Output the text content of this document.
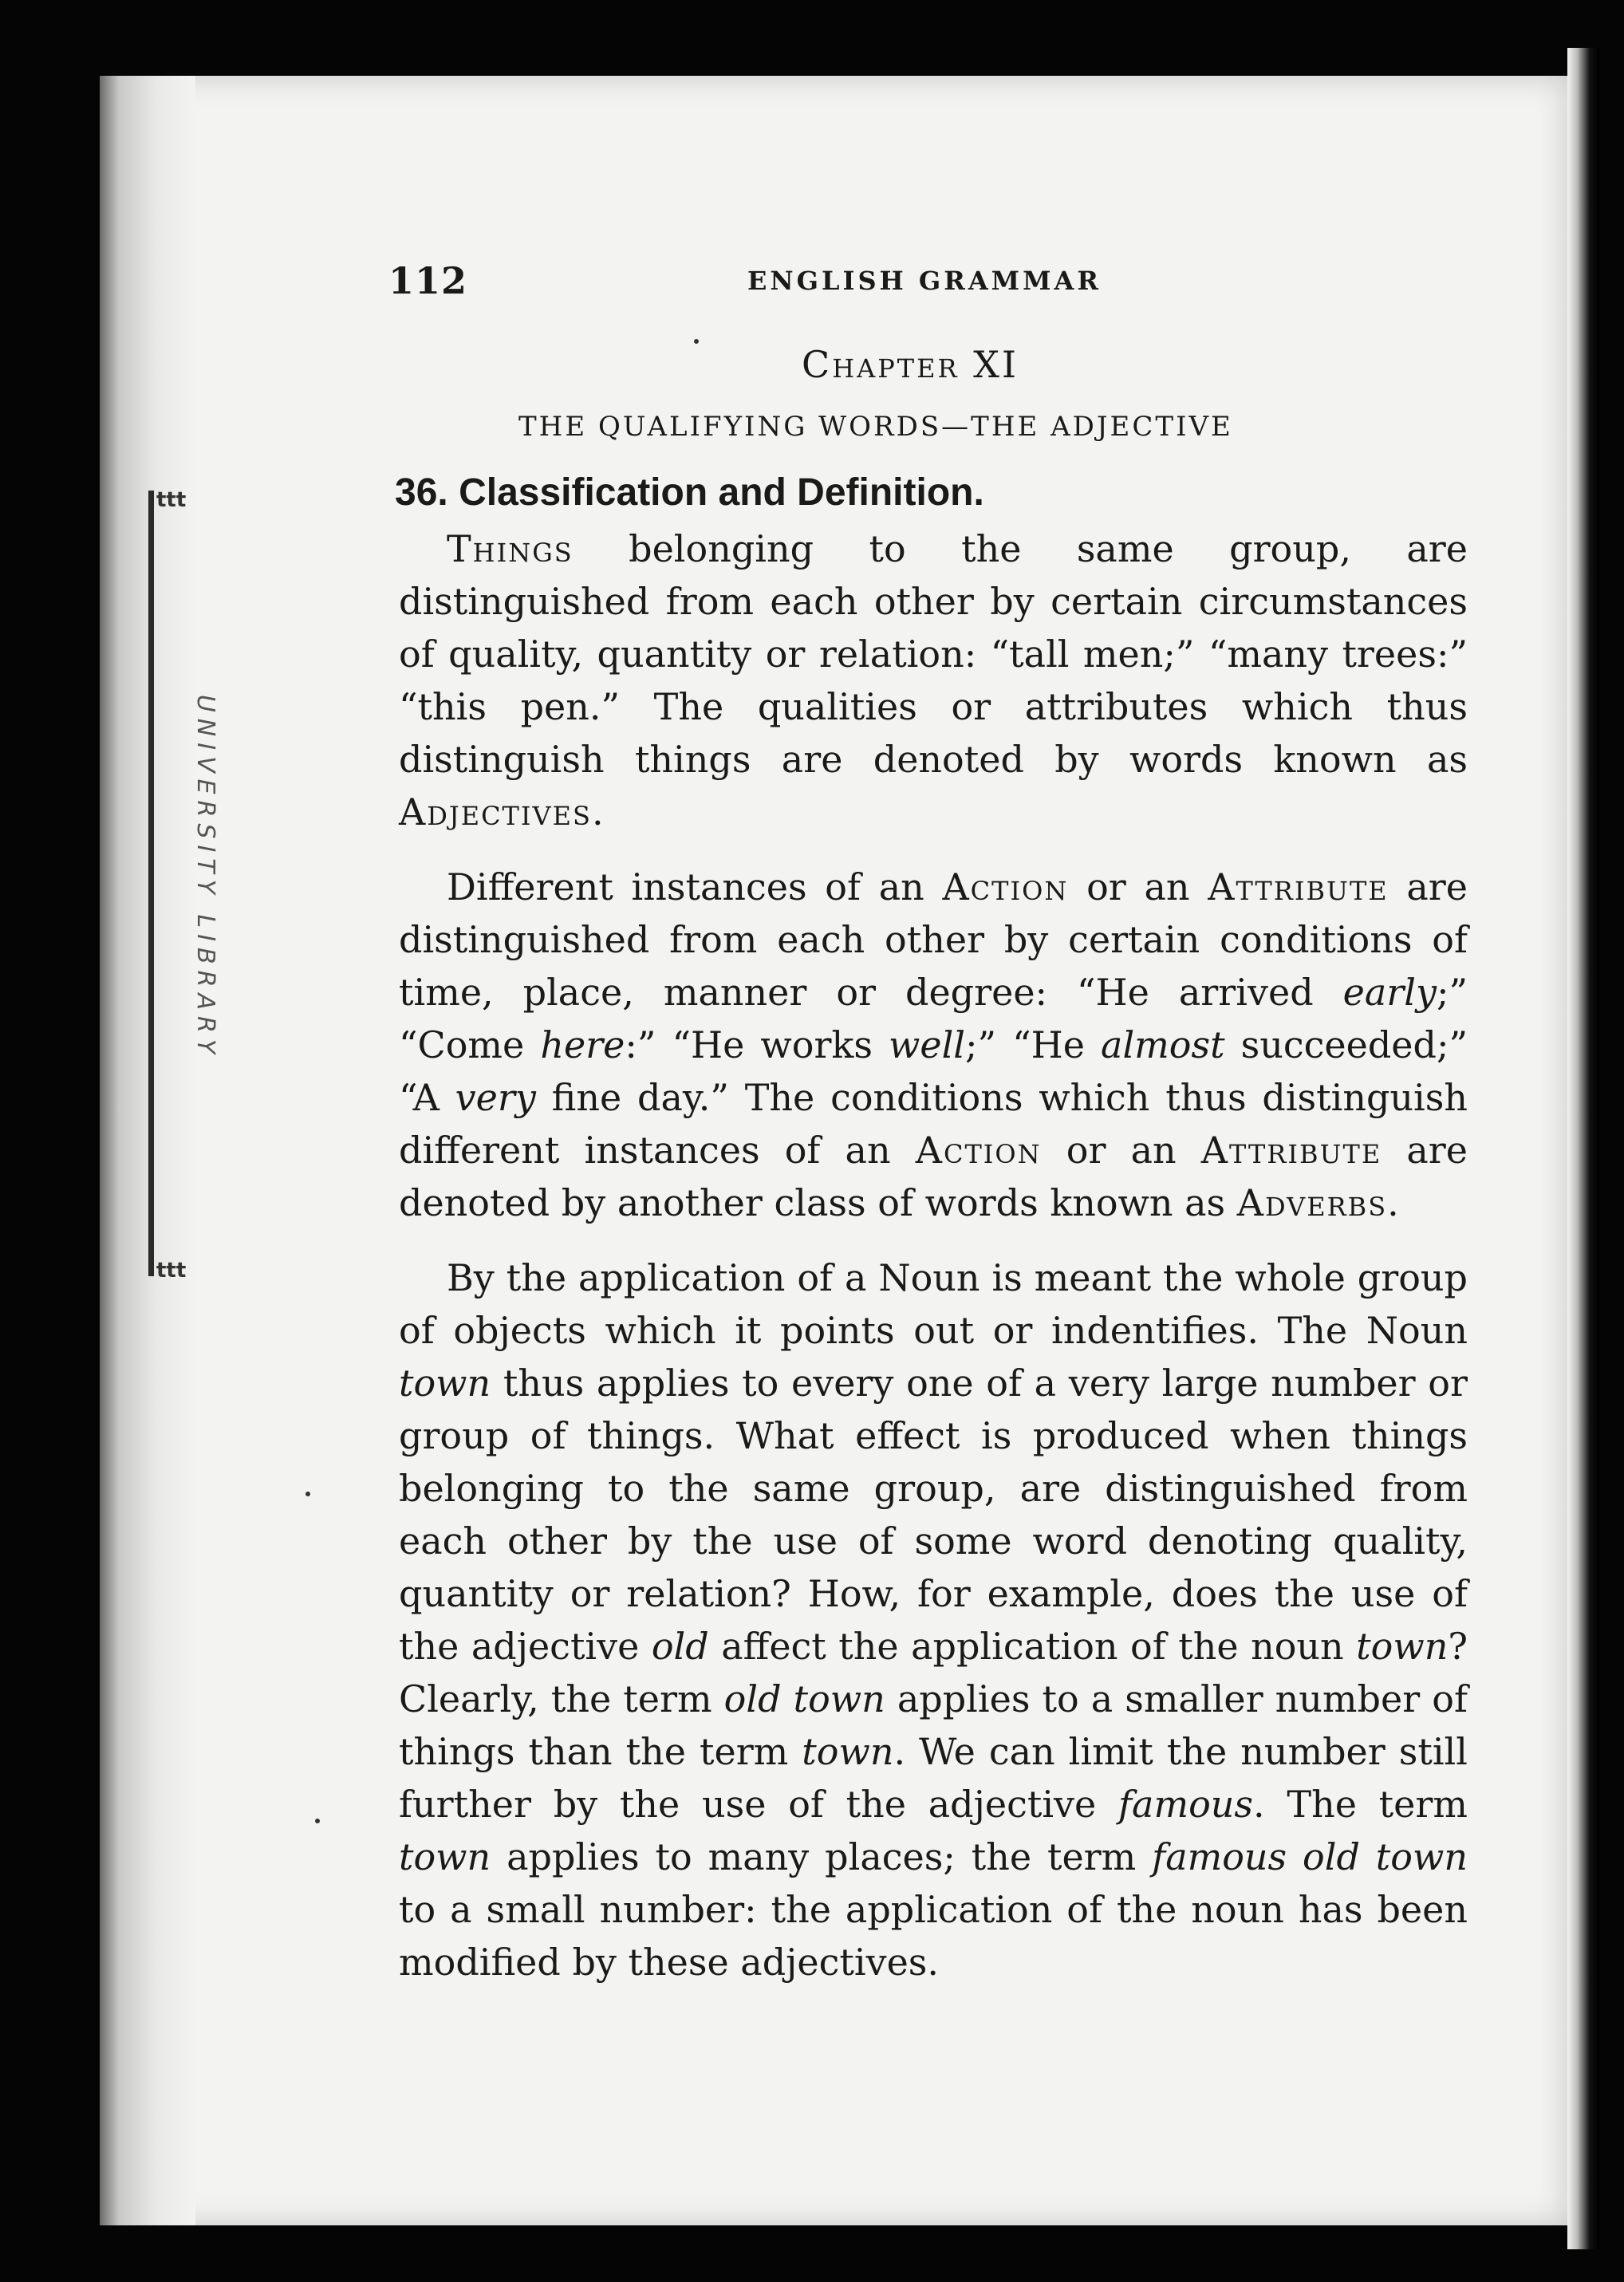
ttt
ttt
UNIVERSITY LIBRARY
112	ENGLISH GRAMMAR
Chapter XI
THE QUALIFYING WORDS—THE ADJECTIVE
36. Classification and Definition.

Things belonging to the same group, are distinguished from each other by certain circumstances of quality, quantity or relation: “tall men;” “many trees:” “this pen.” The qualities or attributes which thus distinguish things are denoted by words known as Adjectives.

Different instances of an Action or an Attribute are distinguished from each other by certain conditions of time, place, manner or degree: “He arrived early;” “Come here:” “He works well;” “He almost succeeded;” “A very fine day.” The conditions which thus distinguish different instances of an Action or an Attribute are denoted by another class of words known as Adverbs.

By the application of a Noun is meant the whole group of objects which it points out or indentifies. The Noun town thus applies to every one of a very large number or group of things. What effect is produced when things belonging to the same group, are distinguished from each other by the use of some word denoting quality, quantity or relation? How, for example, does the use of the adjective old affect the application of the noun town? Clearly, the term old town applies to a smaller number of things than the term town. We can limit the number still further by the use of the adjective famous. The term town applies to many places; the term famous old town to a small number: the application of the noun has been modified by these adjectives.
